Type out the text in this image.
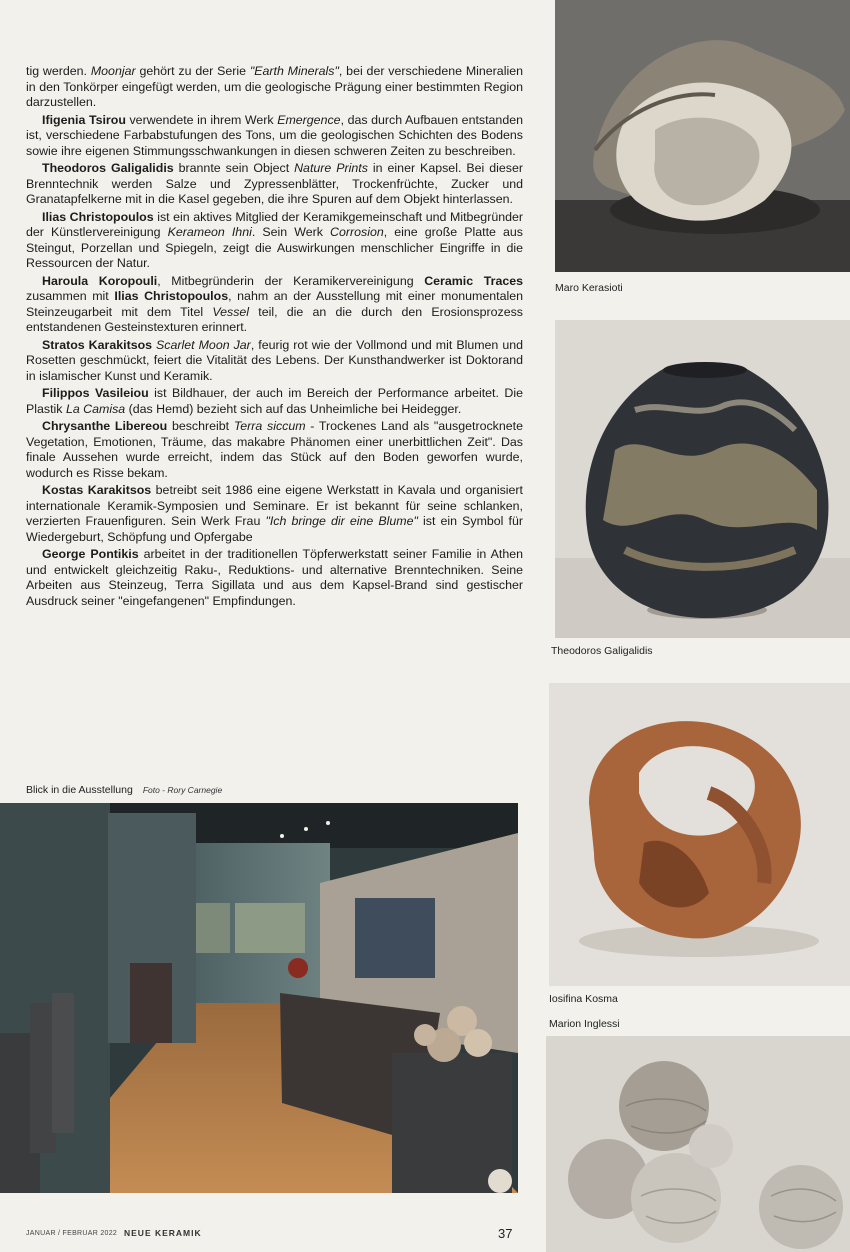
tig werden. Moonjar gehört zu der Serie "Earth Minerals", bei der verschiedene Mineralien in den Tonkörper eingefügt werden, um die geologische Prägung einer bestimmten Region darzustellen.

Ifigenia Tsirou verwendete in ihrem Werk Emergence, das durch Aufbauen entstanden ist, verschiedene Farbabstufungen des Tons, um die geologischen Schichten des Bodens sowie ihre eigenen Stimmungsschwankungen in diesen schweren Zeiten zu beschreiben.

Theodoros Galigalidis brannte sein Object Nature Prints in einer Kapsel. Bei dieser Brenntechnik werden Salze und Zypressenblätter, Trockenfrüchte, Zucker und Granatapfelkerne mit in die Kasel gegeben, die ihre Spuren auf dem Objekt hinterlassen.

Ilias Christopoulos ist ein aktives Mitglied der Keramikgemeinschaft und Mitbegründer der Künstlervereinigung Kerameon Ihni. Sein Werk Corrosion, eine große Platte aus Steingut, Porzellan und Spiegeln, zeigt die Auswirkungen menschlicher Eingriffe in die Ressourcen der Natur.

Haroula Koropouli, Mitbegründerin der Keramikervereinigung Ceramic Traces zusammen mit Ilias Christopoulos, nahm an der Ausstellung mit einer monumentalen Steinzeugarbeit mit dem Titel Vessel teil, die an die durch den Erosionsprozess entstandenen Gesteinstexturen erinnert.

Stratos Karakitsos Scarlet Moon Jar, feurig rot wie der Vollmond und mit Blumen und Rosetten geschmückt, feiert die Vitalität des Lebens. Der Kunsthandwerker ist Doktorand in islamischer Kunst und Keramik.

Filippos Vasileiou ist Bildhauer, der auch im Bereich der Performance arbeitet. Die Plastik La Camisa (das Hemd) bezieht sich auf das Unheimliche bei Heidegger.

Chrysanthe Libereou beschreibt Terra siccum - Trockenes Land als "ausgetrocknete Vegetation, Emotionen, Träume, das makabre Phänomen einer unerbittlichen Zeit". Das finale Aussehen wurde erreicht, indem das Stück auf den Boden geworfen wurde, wodurch es Risse bekam.

Kostas Karakitsos betreibt seit 1986 eine eigene Werkstatt in Kavala und organisiert internationale Keramik-Symposien und Seminare. Er ist bekannt für seine schlanken, verzierten Frauenfiguren. Sein Werk Frau "Ich bringe dir eine Blume" ist ein Symbol für Wiedergeburt, Schöpfung und Opfergabe

George Pontikis arbeitet in der traditionellen Töpferwerkstatt seiner Familie in Athen und entwickelt gleichzeitig Raku-, Reduktions- und alternative Brenntechniken. Seine Arbeiten aus Steinzeug, Terra Sigillata und aus dem Kapsel-Brand sind gestischer Ausdruck seiner "eingefangenen" Empfindungen.

Blick in die Ausstellung Foto - Rory Carnegie
Maro Kerasioti
Theodoros Galigalidis
Iosifina Kosma
Marion Inglessi
JANUAR / FEBRUAR 2022 NEUE KERAMIK	37
